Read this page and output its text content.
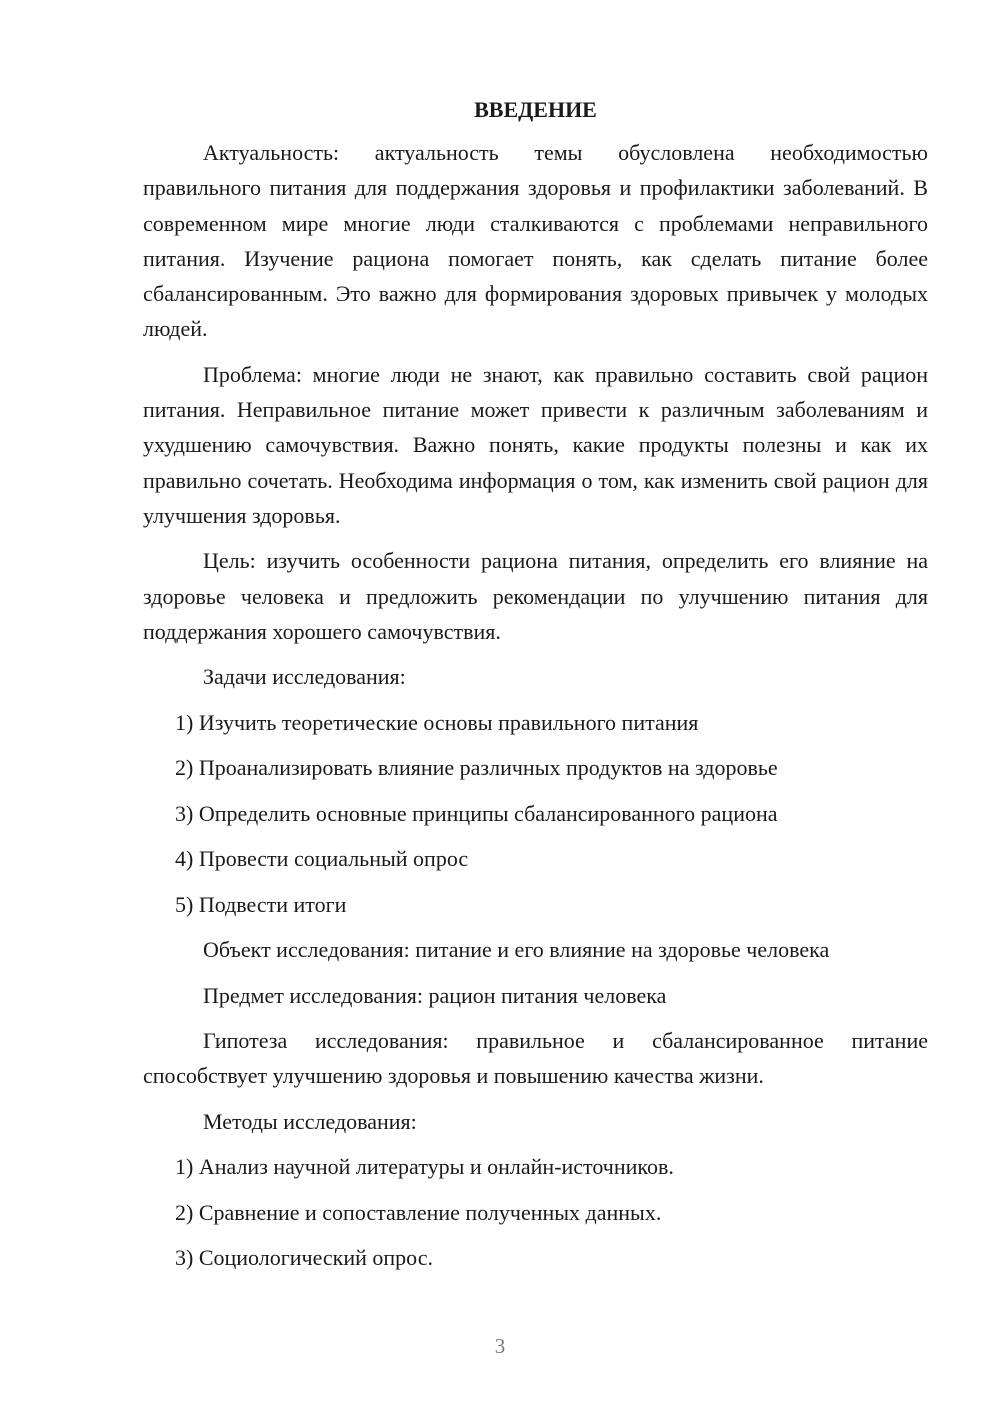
ВВЕДЕНИЕ

Актуальность: актуальность темы обусловлена необходимостью правильного питания для поддержания здоровья и профилактики заболеваний. В современном мире многие люди сталкиваются с проблемами неправильного питания. Изучение рациона помогает понять, как сделать питание более сбалансированным. Это важно для формирования здоровых привычек у молодых людей.

Проблема: многие люди не знают, как правильно составить свой рацион питания. Неправильное питание может привести к различным заболеваниям и ухудшению самочувствия. Важно понять, какие продукты полезны и как их правильно сочетать. Необходима информация о том, как изменить свой рацион для улучшения здоровья.

Цель: изучить особенности рациона питания, определить его влияние на здоровье человека и предложить рекомендации по улучшению питания для поддержания хорошего самочувствия.

Задачи исследования:
1) Изучить теоретические основы правильного питания
2) Проанализировать влияние различных продуктов на здоровье
3) Определить основные принципы сбалансированного рациона
4) Провести социальный опрос
5) Подвести итоги
Объект исследования: питание и его влияние на здоровье человека
Предмет исследования: рацион питания человека

Гипотеза исследования: правильное и сбалансированное питание способствует улучшению здоровья и повышению качества жизни.

Методы исследования:
1) Анализ научной литературы и онлайн-источников.
2) Сравнение и сопоставление полученных данных.
3) Социологический опрос.
3
